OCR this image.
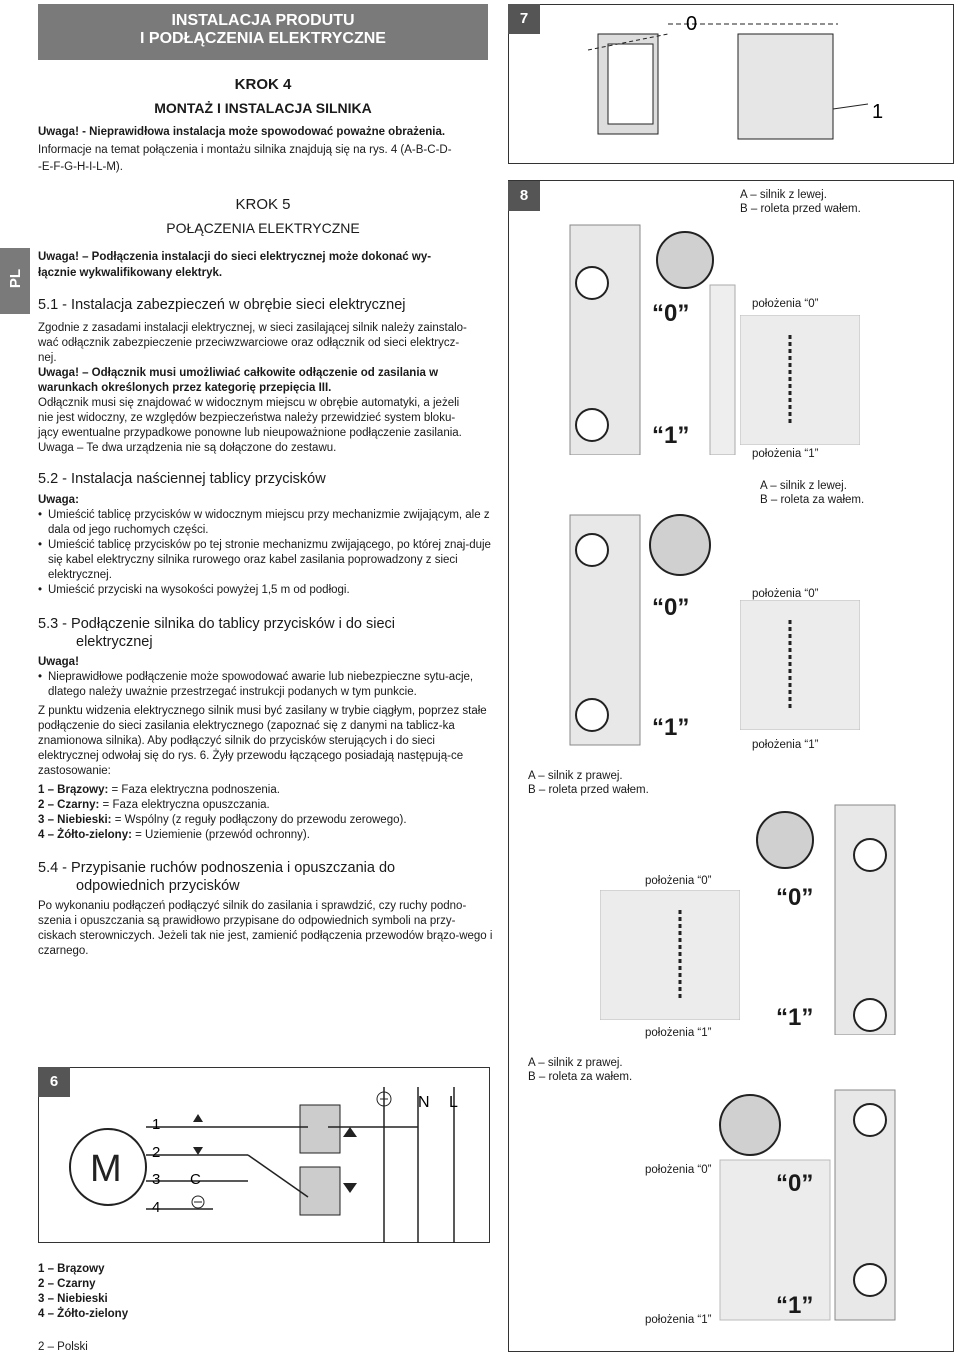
INSTALACJA PRODUTU
I PODŁĄCZENIA ELEKTRYCZNE
PL
KROK 4
MONTAŻ I INSTALACJA SILNIKA
Uwaga! - Nieprawidłowa instalacja może spowodować poważne obrażenia.
Informacje na temat połączenia i montażu silnika znajdują się na rys. 4 (A-B-C-D-
-E-F-G-H-I-L-M).
KROK 5
POŁĄCZENIA ELEKTRYCZNE
Uwaga! – Podłączenia instalacji do sieci elektrycznej może dokonać wy-
łącznie wykwalifikowany elektryk.
5.1 - Instalacja zabezpieczeń w obrębie sieci elektrycznej
Zgodnie z zasadami instalacji elektrycznej, w sieci zasilającej silnik należy zainstalo-
wać odłącznik zabezpieczenie przeciwzwarciowe oraz odłącznik od sieci elektrycz-
nej.
Uwaga! – Odłącznik musi umożliwiać całkowite odłączenie od zasilania w
warunkach określonych przez kategorię przepięcia III.
Odłącznik musi się znajdować w widocznym miejscu w obrębie automatyki, a jeżeli
nie jest widoczny, ze względów bezpieczeństwa należy przewidzieć system bloku-
jący ewentualne przypadkowe ponowne lub nieupoważnione podłączenie zasilania.
Uwaga – Te dwa urządzenia nie są dołączone do zestawu.
5.2 - Instalacja naściennej tablicy przycisków
Uwaga:
• Umieścić tablicę przycisków w widocznym miejscu przy mechanizmie zwijającym, ale z dala od jego ruchomych części.
• Umieścić tablicę przycisków po tej stronie mechanizmu zwijającego, po której znaj-duje się kabel elektryczny silnika rurowego oraz kabel zasilania poprowadzony z sieci elektrycznej.
• Umieścić przyciski na wysokości powyżej 1,5 m od podłogi.
5.3 - Podłączenie silnika do tablicy przycisków i do sieci
elektrycznej
Uwaga!
• Nieprawidłowe podłączenie może spowodować awarie lub niebezpieczne sytu-acje, dlatego należy uważnie przestrzegać instrukcji podanych w tym punkcie.
Z punktu widzenia elektrycznego silnik musi być zasilany w trybie ciągłym, poprzez stałe podłączenie do sieci zasilania elektrycznego (zapoznać się z danymi na tablicz-ka znamionowa silnika). Aby podłączyć silnik do przycisków sterujących i do sieci elektrycznej odwołaj się do rys. 6. Żyły przewodu łączącego posiadają następują-ce zastosowanie:
1 – Brązowy: = Faza elektryczna podnoszenia.
2 – Czarny: = Faza elektryczna opuszczania.
3 – Niebieski: = Wspólny (z reguły podłączony do przewodu zerowego).
4 – Żółto-zielony: = Uziemienie (przewód ochronny).
5.4 - Przypisanie ruchów podnoszenia i opuszczania do
odpowiednich przycisków
Po wykonaniu podłączeń podłączyć silnik do zasilania i sprawdzić, czy ruchy podno-szenia i opuszczania są prawidłowo przypisane do odpowiednich symboli na przy-ciskach sterowniczych. Jeżeli tak nie jest, zamienić podłączenia przewodów brązo-wego i czarnego.
6
M
1
2
3
4
C
N L
1 – Brązowy
2 – Czarny
3 – Niebieski
4 – Żółto-zielony
7	0
1
8	A – silnik z lewej.
B – roleta przed wałem.
“0”
“1”
położenia “0”
położenia “1”
A – silnik z lewej.
B – roleta za wałem.
“0”
“1”
położenia “0”
położenia “1”
A – silnik z prawej.
B – roleta przed wałem.
“0”
“1”
położenia “0”
położenia “1”
A – silnik z prawej.
B – roleta za wałem.
“0”
“1”
położenia “0”
położenia “1”
2 – Polski
